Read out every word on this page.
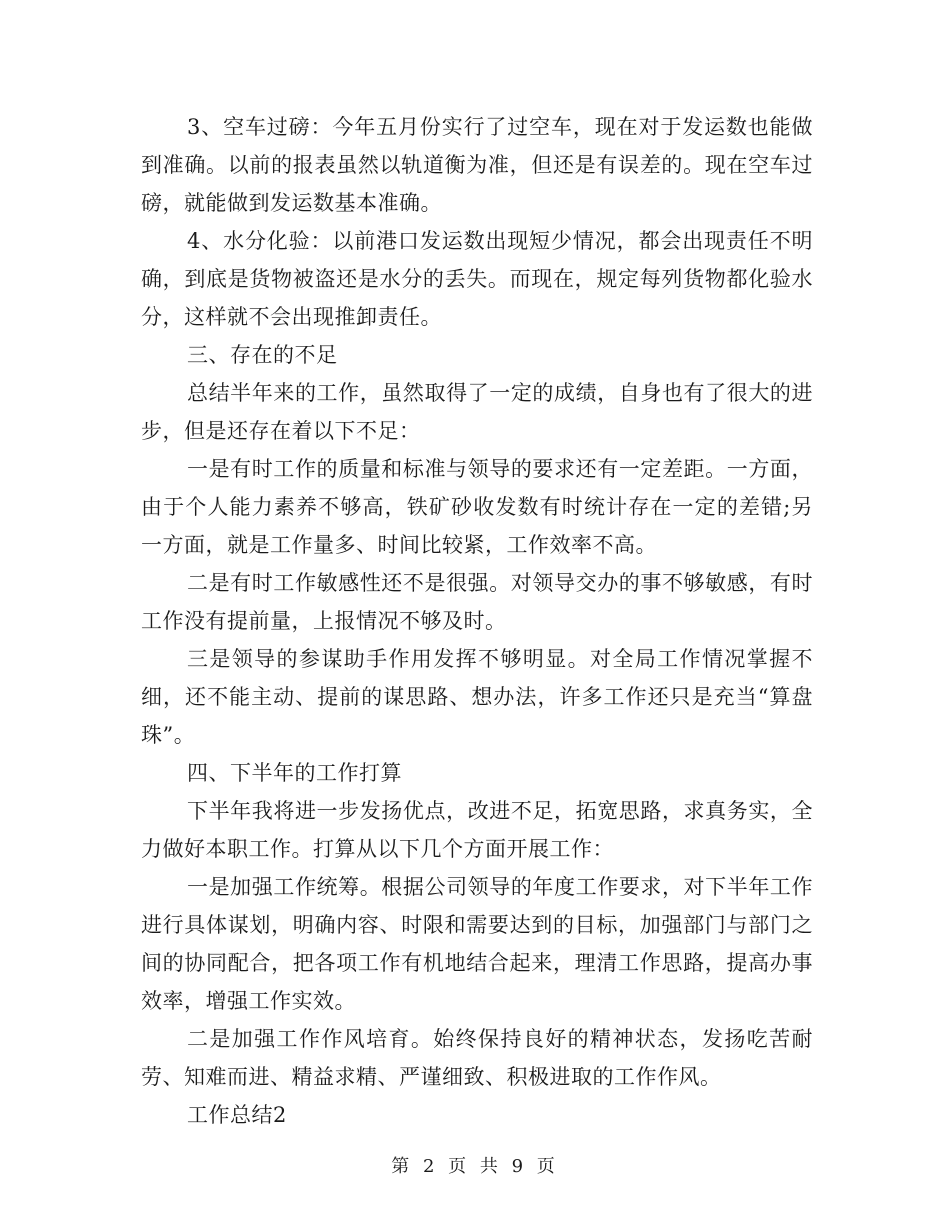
3、空车过磅：今年五月份实行了过空车，现在对于发运数也能做到准确。以前的报表虽然以轨道衡为准，但还是有误差的。现在空车过磅，就能做到发运数基本准确。

4、水分化验：以前港口发运数出现短少情况，都会出现责任不明确，到底是货物被盗还是水分的丢失。而现在，规定每列货物都化验水分，这样就不会出现推卸责任。

三、存在的不足

总结半年来的工作，虽然取得了一定的成绩，自身也有了很大的进步，但是还存在着以下不足：

一是有时工作的质量和标准与领导的要求还有一定差距。一方面，由于个人能力素养不够高，铁矿砂收发数有时统计存在一定的差错;另一方面，就是工作量多、时间比较紧，工作效率不高。

二是有时工作敏感性还不是很强。对领导交办的事不够敏感，有时工作没有提前量，上报情况不够及时。

三是领导的参谋助手作用发挥不够明显。对全局工作情况掌握不细，还不能主动、提前的谋思路、想办法，许多工作还只是充当“算盘珠”。

四、下半年的工作打算

下半年我将进一步发扬优点，改进不足，拓宽思路，求真务实，全力做好本职工作。打算从以下几个方面开展工作：

一是加强工作统筹。根据公司领导的年度工作要求，对下半年工作进行具体谋划，明确内容、时限和需要达到的目标，加强部门与部门之间的协同配合，把各项工作有机地结合起来，理清工作思路，提高办事效率，增强工作实效。

二是加强工作作风培育。始终保持良好的精神状态，发扬吃苦耐劳、知难而进、精益求精、严谨细致、积极进取的工作作风。

工作总结2

第 2 页 共 9 页
